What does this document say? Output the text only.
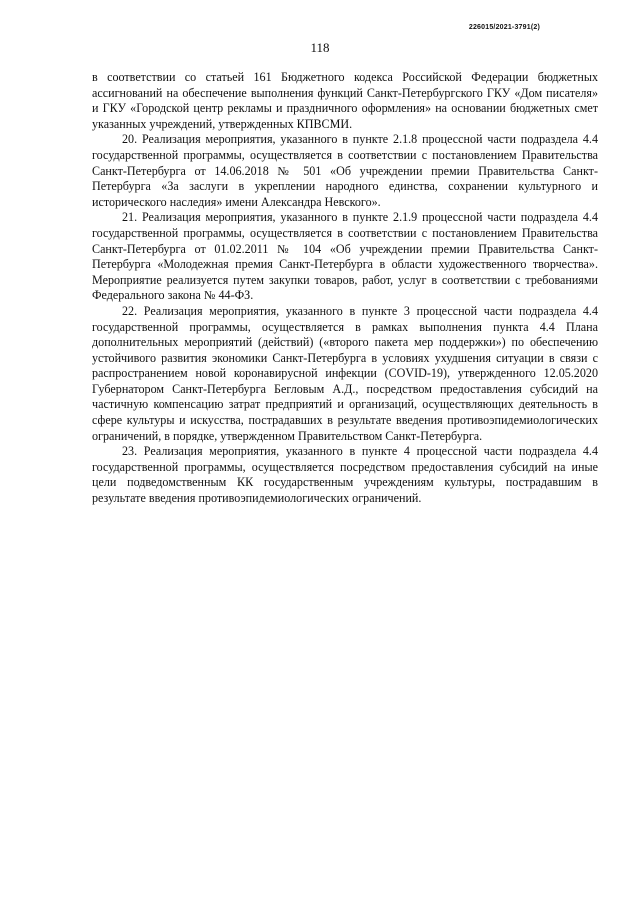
226015/2021-3791(2)
118

в соответствии со статьей 161 Бюджетного кодекса Российской Федерации бюджетных ассигнований на обеспечение выполнения функций Санкт-Петербургского ГКУ «Дом писателя» и ГКУ «Городской центр рекламы и праздничного оформления» на основании бюджетных смет указанных учреждений, утвержденных КПВСМИ.

20. Реализация мероприятия, указанного в пункте 2.1.8 процессной части подраздела 4.4 государственной программы, осуществляется в соответствии с постановлением Правительства Санкт-Петербурга от 14.06.2018 № 501 «Об учреждении премии Правительства Санкт-Петербурга «За заслуги в укреплении народного единства, сохранении культурного и исторического наследия» имени Александра Невского».

21. Реализация мероприятия, указанного в пункте 2.1.9 процессной части подраздела 4.4 государственной программы, осуществляется в соответствии с постановлением Правительства Санкт-Петербурга от 01.02.2011 № 104 «Об учреждении премии Правительства Санкт-Петербурга «Молодежная премия Санкт-Петербурга в области художественного творчества». Мероприятие реализуется путем закупки товаров, работ, услуг в соответствии с требованиями Федерального закона № 44-ФЗ.

22. Реализация мероприятия, указанного в пункте 3 процессной части подраздела 4.4 государственной программы, осуществляется в рамках выполнения пункта 4.4 Плана дополнительных мероприятий (действий) («второго пакета мер поддержки») по обеспечению устойчивого развития экономики Санкт-Петербурга в условиях ухудшения ситуации в связи с распространением новой коронавирусной инфекции (COVID-19), утвержденного 12.05.2020 Губернатором Санкт-Петербурга Бегловым А.Д., посредством предоставления субсидий на частичную компенсацию затрат предприятий и организаций, осуществляющих деятельность в сфере культуры и искусства, пострадавших в результате введения противоэпидемиологических ограничений, в порядке, утвержденном Правительством Санкт-Петербурга.

23. Реализация мероприятия, указанного в пункте 4 процессной части подраздела 4.4 государственной программы, осуществляется посредством предоставления субсидий на иные цели подведомственным КК государственным учреждениям культуры, пострадавшим в результате введения противоэпидемиологических ограничений.
